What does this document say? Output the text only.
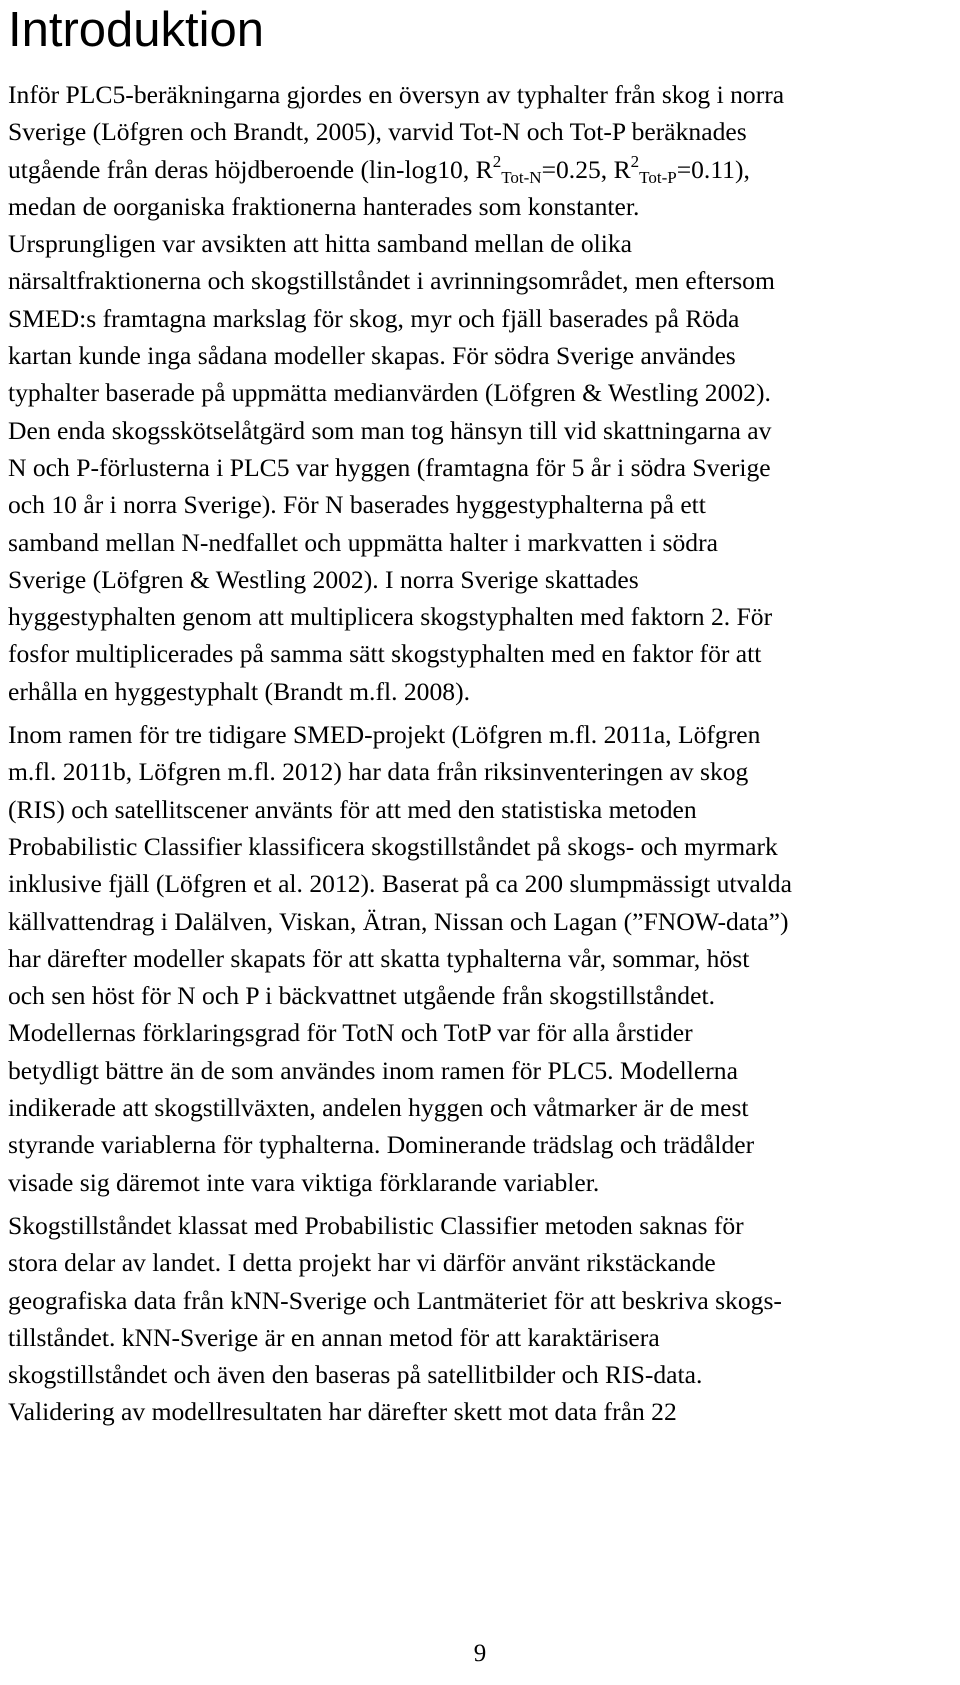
Introduktion
Inför PLC5-beräkningarna gjordes en översyn av typhalter från skog i norra
Sverige (Löfgren och Brandt, 2005), varvid Tot-N och Tot-P beräknades
utgående från deras höjdberoende (lin-log10, $R^2_{Tot-N}=0.25$, $R^2_{Tot-P}=0.11$),
medan de oorganiska fraktionerna hanterades som konstanter.
Ursprungligen var avsikten att hitta samband mellan de olika
närsaltfraktionerna och skogstillståndet i avrinningsområdet, men eftersom
SMED:s framtagna markslag för skog, myr och fjäll baserades på Röda
kartan kunde inga sådana modeller skapas. För södra Sverige användes
typhalter baserade på uppmätta medianvärden (Löfgren & Westling 2002).
Den enda skogsskötselåtgärd som man tog hänsyn till vid skattningarna av
N och P-förlusterna i PLC5 var hyggen (framtagna för 5 år i södra Sverige
och 10 år i norra Sverige). För N baserades hyggestyphalterna på ett
samband mellan N-nedfallet och uppmätta halter i markvatten i södra
Sverige (Löfgren & Westling 2002). I norra Sverige skattades
hyggestyphalten genom att multiplicera skogstyphalten med faktorn 2. För
fosfor multiplicerades på samma sätt skogstyphalten med en faktor för att
erhålla en hyggestyphalt (Brandt m.fl. 2008).
Inom ramen för tre tidigare SMED-projekt (Löfgren m.fl. 2011a, Löfgren
m.fl. 2011b, Löfgren m.fl. 2012) har data från riksinventeringen av skog
(RIS) och satellitscener använts för att med den statistiska metoden
Probabilistic Classifier klassificera skogstillståndet på skogs- och myrmark
inklusive fjäll (Löfgren et al. 2012). Baserat på ca 200 slumpmässigt utvalda
källvattendrag i Dalälven, Viskan, Ätran, Nissan och Lagan (”FNOW-data”)
har därefter modeller skapats för att skatta typhalterna vår, sommar, höst
och sen höst för N och P i bäckvattnet utgående från skogstillståndet.
Modellernas förklaringsgrad för TotN och TotP var för alla årstider
betydligt bättre än de som användes inom ramen för PLC5. Modellerna
indikerade att skogstillväxten, andelen hyggen och våtmarker är de mest
styrande variablerna för typhalterna. Dominerande trädslag och trädålder
visade sig däremot inte vara viktiga förklarande variabler.
Skogstillståndet klassat med Probabilistic Classifier metoden saknas för
stora delar av landet. I detta projekt har vi därför använt rikstäckande
geografiska data från kNN-Sverige och Lantmäteriet för att beskriva skogs-
tillståndet. kNN-Sverige är en annan metod för att karaktärisera
skogstillståndet och även den baseras på satellitbilder och RIS-data.
Validering av modellresultaten har därefter skett mot data från 22
9
